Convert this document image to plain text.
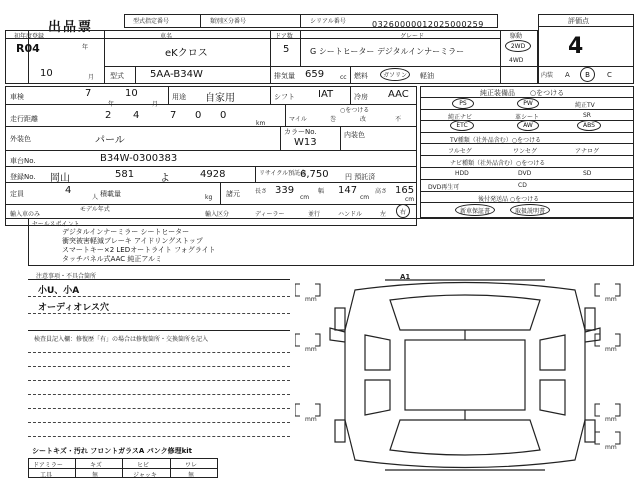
出品票	型式指定番号	類別区分番号	シリアル番号	03260000012025000259	評価点
4
初年度登録
R04	年
10	月
車名
eKクロス
ドア数
5
グレード
G シートヒーター デジタルインナーミラー
駆動
2WD
4WD
型式	5AA-B34W	排気量 659	cc 燃料	ガソリン	軽油	内装 A	B	C
車検	7
年
10
月
用途 自家用	シフト IAT	冷房 AAC
走行距離	2 4	7 0 0
km
マイル
○をつける
巻	改	不
外装色	パール
カラーNo.
W13
内装色
車台No.	B34W-0300383
登録No. 岡山	581	よ	4928	リサイクル預託金
6,750 円 預託済
定員	4
人 積載量	kg 諸元	長さ 339
cm
幅 147
cm
高さ 165
cm
輸入車のみ
モデル年式
輸入区分	ディーラー	並行	ハンドル	左	右
純正装備品 ○をつける
PS	PW	純正TV
純正ナビ	革シート	SR
ETC	AW	ABS
TV種類（社外品含む）○をつける
フルセグ	ワンセグ	アナログ
ナビ種類（社外品含む）○をつける
HDD	DVD	SD
DVD再生可	CD
後付発送品 ○をつける
新車保証書	取扱説明書
セールスポイント
デジタルインナーミラー シートヒーター
衝突被害軽減ブレーキ アイドリングストップ
スマートキー×2 LEDオートライト フォグライト
タッチパネル式AAC 純正アルミ
注意事項・不具合箇所
小U、小A
オーディオレス穴
検査員記入欄：修復歴「有」の場合は修復箇所・交換箇所を記入
シートキズ・汚れ フロントガラスA パンク修理kit
ドアミラー	キズ	ヒビ	ワレ
工具	無	ジャッキ	無
A1
mm	mm
mm	mm
mm	mm
mm
